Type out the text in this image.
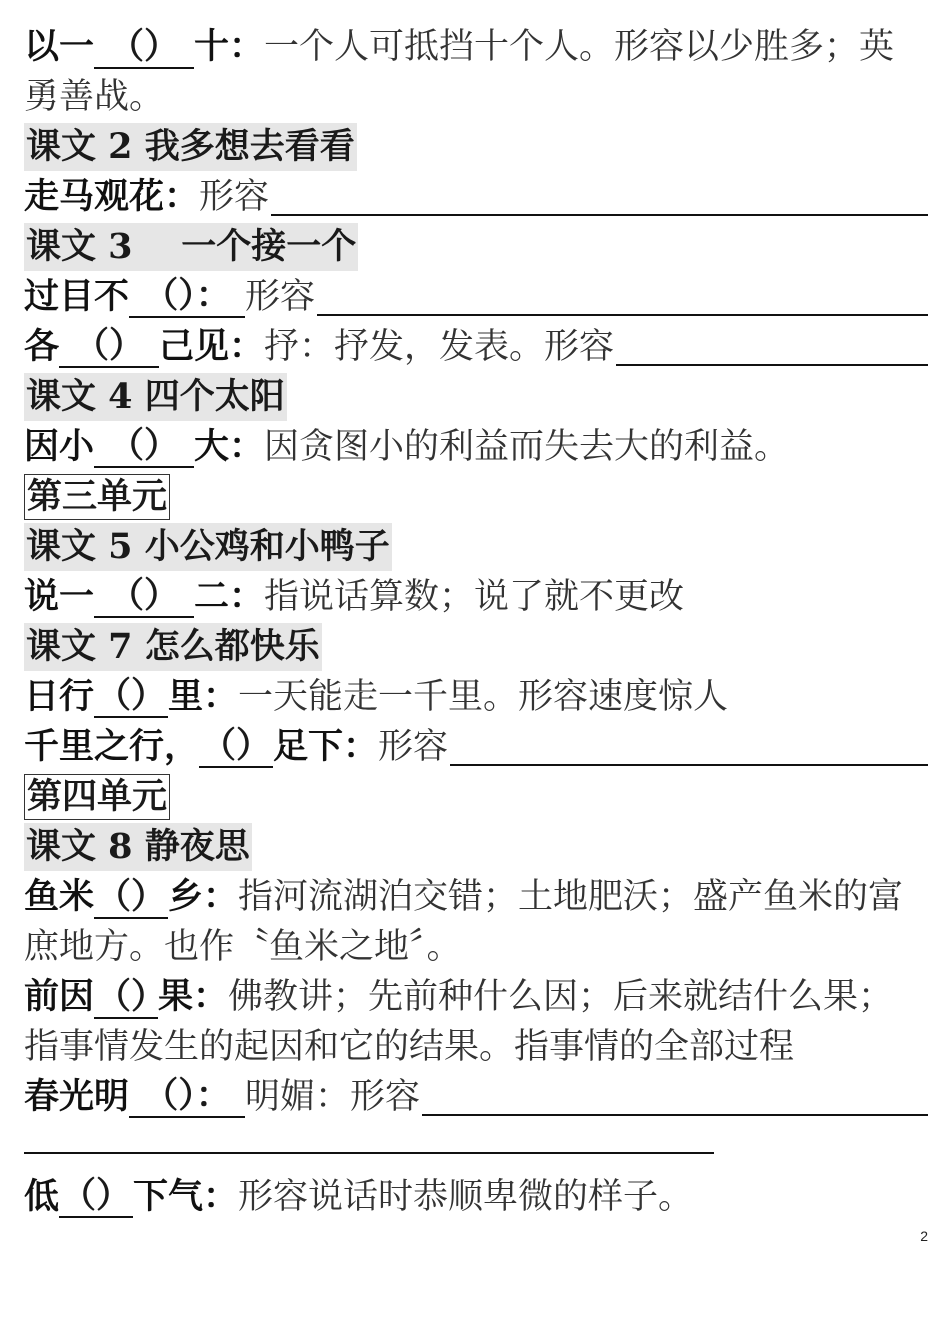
以一 （） 十：一个人可抵挡十个人。形容以少胜多；英勇善战。
课文 2 我多想去看看
走马观花： 形容
课文 3    一个接一个
过目不 （）： 形容
各 （） 己见： 抒：抒发，发表。形容
课文 4 四个太阳
因小 （） 大： 因贪图小的利益而失去大的利益。
第三单元
课文 5 小公鸡和小鸭子
说一 （） 二： 指说话算数；说了就不更改
课文 7 怎么都快乐
日行 （） 里： 一天能走一千里。形容速度惊人
千里之行， （） 足下： 形容
第四单元
课文 8 静夜思
鱼米（）乡：指河流湖泊交错；土地肥沃；盛产鱼米的富庶地方。也作〝鱼米之地〞。
前因（）果：佛教讲；先前种什么因；后来就结什么果；指事情发生的起因和它的结果。指事情的全部过程
春光明 （）： 明媚：形容
低 （） 下气： 形容说话时恭顺卑微的样子。
2
